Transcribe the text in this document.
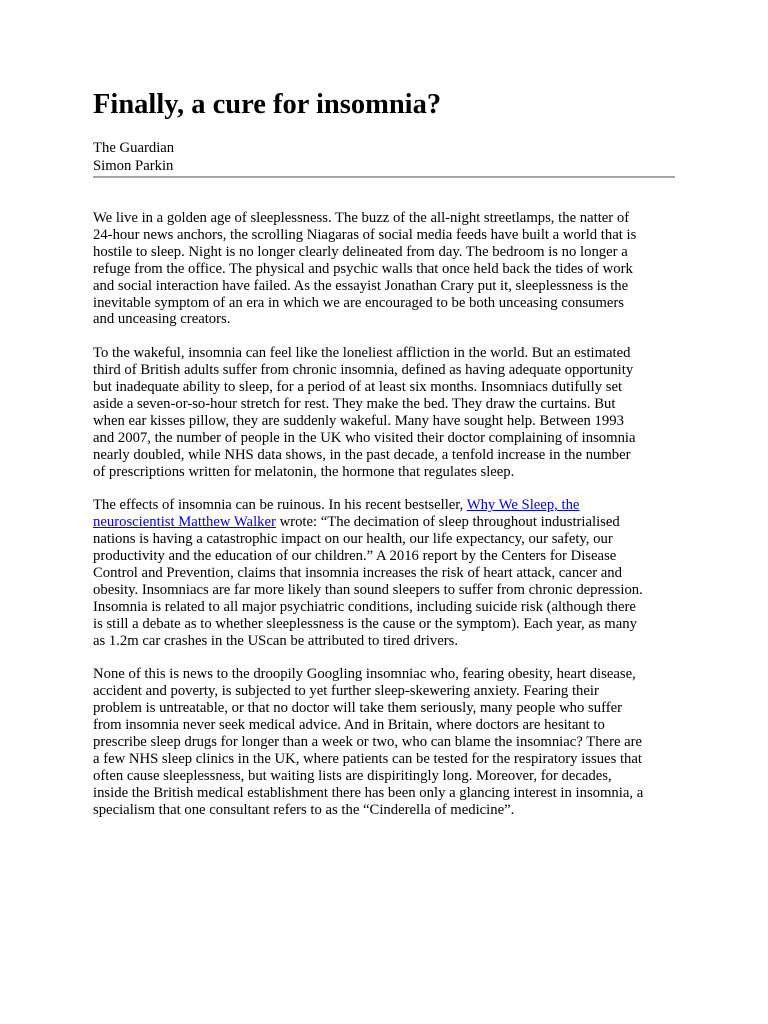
Finally, a cure for insomnia?
The Guardian
Simon Parkin

We live in a golden age of sleeplessness. The buzz of the all-night streetlamps, the natter of
24-hour news anchors, the scrolling Niagaras of social media feeds have built a world that is
hostile to sleep. Night is no longer clearly delineated from day. The bedroom is no longer a
refuge from the office. The physical and psychic walls that once held back the tides of work
and social interaction have failed. As the essayist Jonathan Crary put it, sleeplessness is the
inevitable symptom of an era in which we are encouraged to be both unceasing consumers
and unceasing creators.

To the wakeful, insomnia can feel like the loneliest affliction in the world. But an estimated
third of British adults suffer from chronic insomnia, defined as having adequate opportunity
but inadequate ability to sleep, for a period of at least six months. Insomniacs dutifully set
aside a seven-or-so-hour stretch for rest. They make the bed. They draw the curtains. But
when ear kisses pillow, they are suddenly wakeful. Many have sought help. Between 1993
and 2007, the number of people in the UK who visited their doctor complaining of insomnia
nearly doubled, while NHS data shows, in the past decade, a tenfold increase in the number
of prescriptions written for melatonin, the hormone that regulates sleep.

The effects of insomnia can be ruinous. In his recent bestseller, Why We Sleep, the
neuroscientist Matthew Walker wrote: “The decimation of sleep throughout industrialised
nations is having a catastrophic impact on our health, our life expectancy, our safety, our
productivity and the education of our children.” A 2016 report by the Centers for Disease
Control and Prevention, claims that insomnia increases the risk of heart attack, cancer and
obesity. Insomniacs are far more likely than sound sleepers to suffer from chronic depression.
Insomnia is related to all major psychiatric conditions, including suicide risk (although there
is still a debate as to whether sleeplessness is the cause or the symptom). Each year, as many
as 1.2m car crashes in the UScan be attributed to tired drivers.

None of this is news to the droopily Googling insomniac who, fearing obesity, heart disease,
accident and poverty, is subjected to yet further sleep-skewering anxiety. Fearing their
problem is untreatable, or that no doctor will take them seriously, many people who suffer
from insomnia never seek medical advice. And in Britain, where doctors are hesitant to
prescribe sleep drugs for longer than a week or two, who can blame the insomniac? There are
a few NHS sleep clinics in the UK, where patients can be tested for the respiratory issues that
often cause sleeplessness, but waiting lists are dispiritingly long. Moreover, for decades,
inside the British medical establishment there has been only a glancing interest in insomnia, a
specialism that one consultant refers to as the “Cinderella of medicine”.
